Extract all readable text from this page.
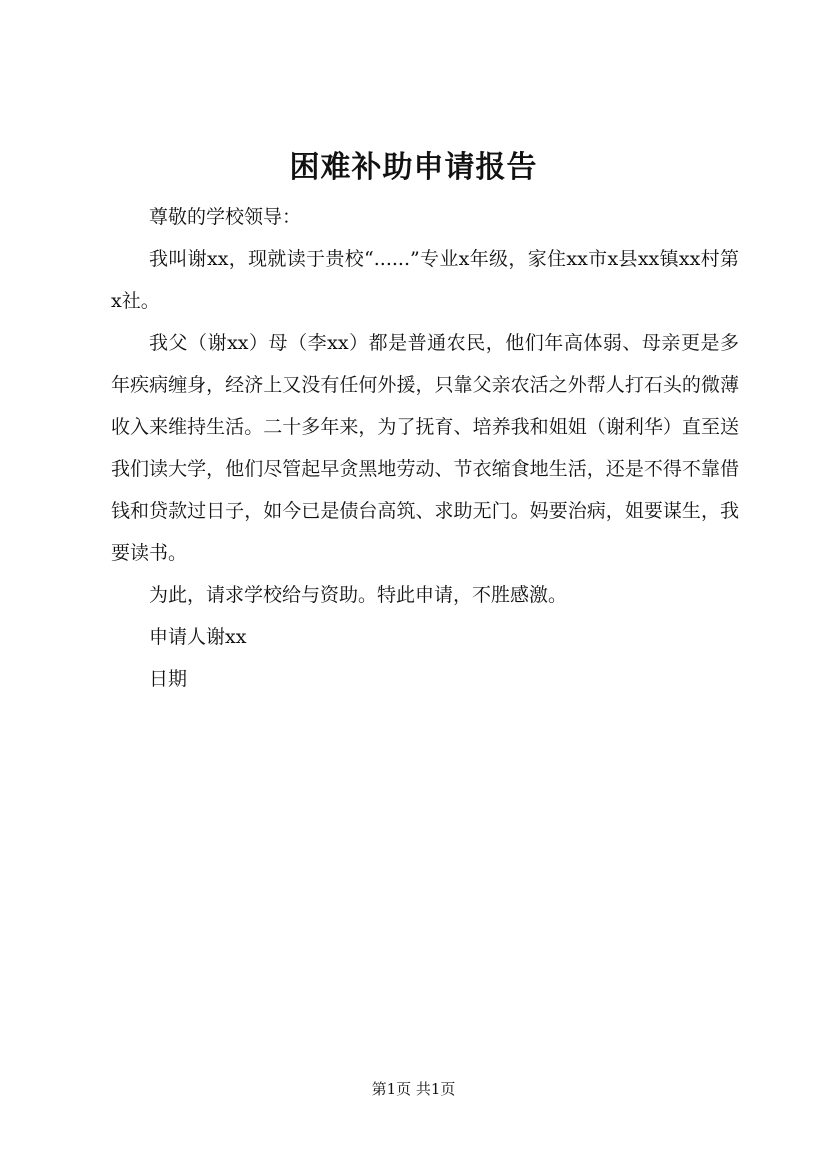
困难补助申请报告

尊敬的学校领导：

我叫谢xx，现就读于贵校“......”专业x年级，家住xx市x县xx镇xx村第x社。

我父（谢xx）母（李xx）都是普通农民，他们年高体弱、母亲更是多年疾病缠身，经济上又没有任何外援，只靠父亲农活之外帮人打石头的微薄收入来维持生活。二十多年来，为了抚育、培养我和姐姐（谢利华）直至送我们读大学，他们尽管起早贪黑地劳动、节衣缩食地生活，还是不得不靠借钱和贷款过日子，如今已是债台高筑、求助无门。妈要治病，姐要谋生，我要读书。

为此，请求学校给与资助。特此申请，不胜感激。

申请人谢xx

日期

第1页 共1页
